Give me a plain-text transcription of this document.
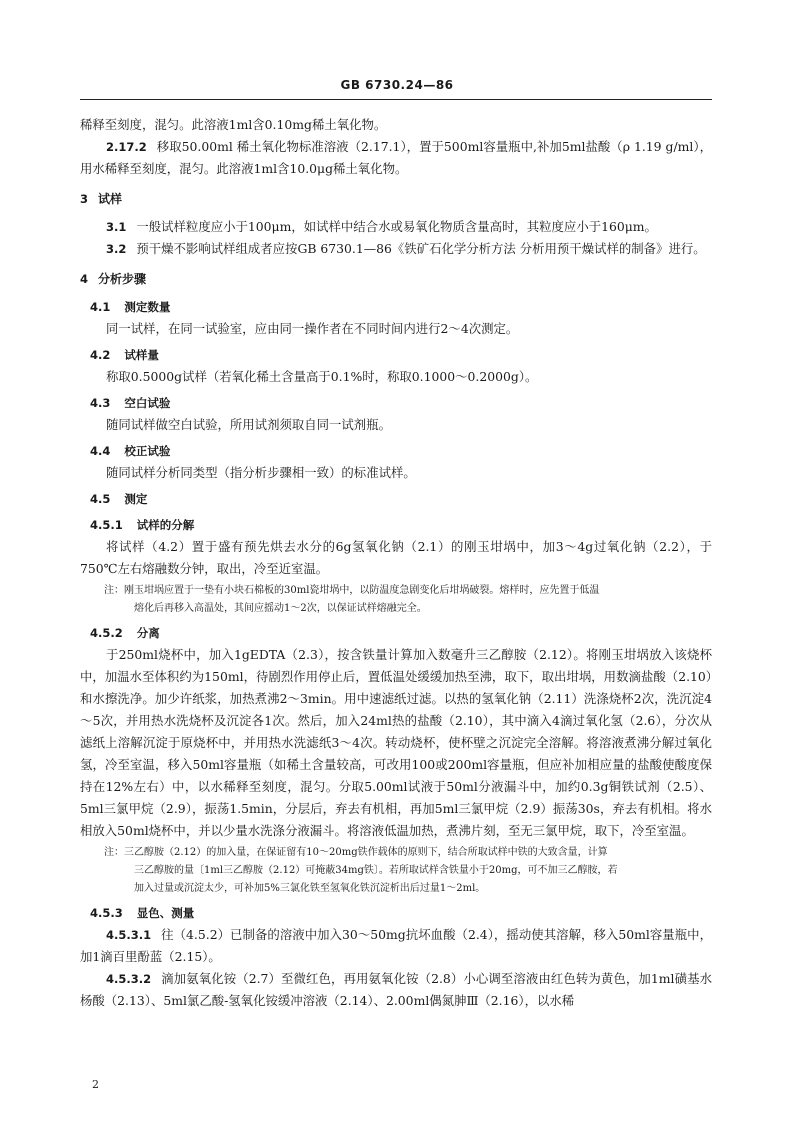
GB 6730.24—86

稀释至刻度，混匀。此溶液1ml含0.10mg稀土氧化物。

2.17.2 移取50.00ml 稀土氧化物标准溶液（2.17.1），置于500ml容量瓶中,补加5ml盐酸（ρ 1.19 g/ml），用水稀释至刻度，混匀。此溶液1ml含10.0μg稀土氧化物。

3 试样

3.1 一般试样粒度应小于100μm，如试样中结合水或易氧化物质含量高时，其粒度应小于160μm。

3.2 预干燥不影响试样组成者应按GB 6730.1—86《铁矿石化学分析方法 分析用预干燥试样的制备》进行。

4 分析步骤
4.1 测定数量

同一试样，在同一试验室，应由同一操作者在不同时间内进行2～4次测定。

4.2 试样量

称取0.5000g试样（若氧化稀土含量高于0.1%时，称取0.1000～0.2000g）。

4.3 空白试验

随同试样做空白试验，所用试剂须取自同一试剂瓶。

4.4 校正试验

随同试样分析同类型（指分析步骤相一致）的标准试样。

4.5 测定
4.5.1 试样的分解

将试样（4.2）置于盛有预先烘去水分的6g氢氧化钠（2.1）的刚玉坩埚中，加3～4g过氧化钠（2.2），于750℃左右熔融数分钟，取出，冷至近室温。

注：刚玉坩埚应置于一垫有小块石棉板的30ml瓷坩埚中，以防温度急剧变化后坩埚破裂。熔样时，应先置于低温
熔化后再移入高温处，其间应摇动1～2次，以保证试样熔融完全。
4.5.2 分离

于250ml烧杯中，加入1gEDTA（2.3），按含铁量计算加入数毫升三乙醇胺（2.12）。将刚玉坩埚放入该烧杯中，加温水至体积约为150ml，待剧烈作用停止后，置低温处缓缓加热至沸，取下，取出坩埚，用数滴盐酸（2.10）和水擦洗净。加少许纸浆，加热煮沸2～3min。用中速滤纸过滤。以热的氢氧化钠（2.11）洗涤烧杯2次，洗沉淀4～5次，并用热水洗烧杯及沉淀各1次。然后，加入24ml热的盐酸（2.10），其中滴入4滴过氧化氢（2.6），分次从滤纸上溶解沉淀于原烧杯中，并用热水洗滤纸3～4次。转动烧杯，使杯壁之沉淀完全溶解。将溶液煮沸分解过氧化氢，冷至室温，移入50ml容量瓶（如稀土含量较高，可改用100或200ml容量瓶，但应补加相应量的盐酸使酸度保持在12%左右）中，以水稀释至刻度，混匀。分取5.00ml试液于50ml分液漏斗中，加约0.3g铜铁试剂（2.5）、5ml三氯甲烷（2.9），振荡1.5min，分层后，弃去有机相，再加5ml三氯甲烷（2.9）振荡30s，弃去有机相。将水相放入50ml烧杯中，并以少量水洗涤分液漏斗。将溶液低温加热，煮沸片刻，至无三氯甲烷，取下，冷至室温。

注：三乙醇胺（2.12）的加入量，在保证留有10～20mg铁作载体的原则下，结合所取试样中铁的大致含量，计算
三乙醇胺的量〔1ml三乙醇胺（2.12）可掩蔽34mg铁〕。若所取试样含铁量小于20mg，可不加三乙醇胺，若
加入过量或沉淀太少，可补加5%三氯化铁至氢氧化铁沉淀析出后过量1～2ml。
4.5.3 显色、测量

4.5.3.1 往（4.5.2）已制备的溶液中加入30～50mg抗坏血酸（2.4），摇动使其溶解，移入50ml容量瓶中，加1滴百里酚蓝（2.15）。

4.5.3.2 滴加氨氧化铵（2.7）至微红色，再用氨氧化铵（2.8）小心调至溶液由红色转为黄色，加1ml磺基水杨酸（2.13）、5ml氯乙酸-氢氧化铵缓冲溶液（2.14）、2.00ml偶氮胂Ⅲ（2.16），以水稀

2
